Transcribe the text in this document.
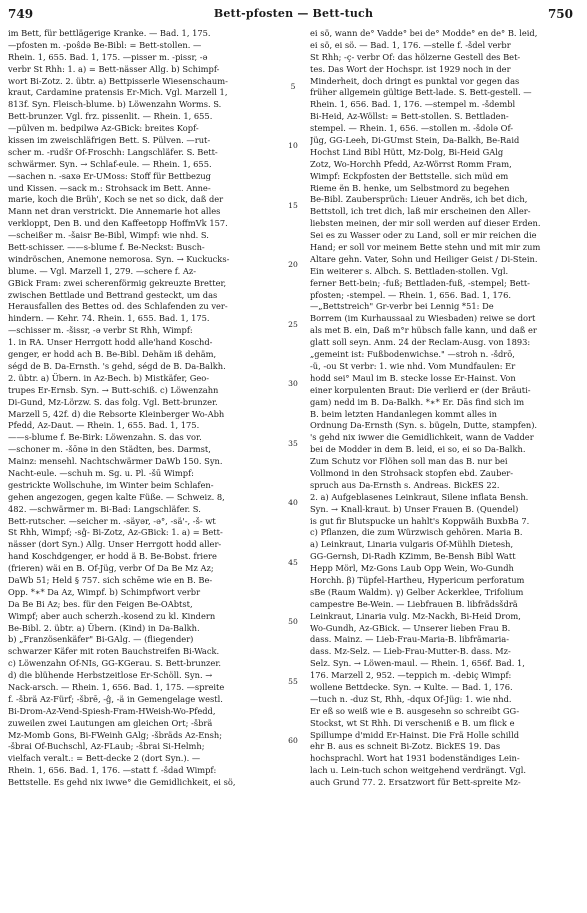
749	Bett-pfosten — Bett-tuch	750
im Bett, für bettlägerige Kranke. — Bad. 1, 175.
—pfosten m. -poŝdə Be-Bibl: = Bett-stollen. —
Rhein. 1, 655. Bad. 1, 175. —pisser m. -pissr, -ə
verbr St Rhh: 1. a) = Bett-nässer Allg. b) Schimpf-
wort Bi-Zotz. 2. übtr. a) Bettpisserle Wiesenschaum-
kraut, Cardamine pratensis Er-Mich. Vgl. Marzell 1,
813f. Syn. Fleisch-blume. b) Löwenzahn Worms. S.
Bett-brunzer. Vgl. frz. pissenlit. — Rhein. 1, 655.
—pülven m. bedpilwə Az-GBick: breites Kopf-
kissen im zweischläfrigen Bett. S. Pülven. —rut-
scher m. -rudšr Of-Froschh: Langschläfer. S. Bett-
schwärmer. Syn. → Schlaf-eule. — Rhein. 1, 655.
—sachen n. -saxə Er-UMoss: Stoff für Bettbezug
und Kissen. —sack m.: Strohsack im Bett. Anne-
marie, koch die Brüh', Koch se net so dick, daß der
Mann net dran verstrickt. Die Annemarie hot alles
verkloppt, Den B. und den Kaffeetopp HoffmVk 157.
—scheißer m. -šaisr Be-Bibl, Wimpf: wie nhd. S.
Bett-schisser. ——s-blume f. Be-Neckst: Busch-
windröschen, Anemone nemorosa. Syn. → Kuckucks-
blume. — Vgl. Marzell 1, 279. —schere f. Az-
GBick Fram: zwei scherenförmig gekreuzte Bretter,
zwischen Bettlade und Bettrand gesteckt, um das
Herausfallen des Bettes od. des Schlafenden zu ver-
hindern. — Kehr. 74. Rhein. 1, 655. Bad. 1, 175.
—schisser m. -šissr, -ə verbr St Rhh, Wimpf:
1. in RA. Unser Herrgott hodd alle'hand Koschd-
genger, er hodd ach B. Be-Bibl. Dehäm iß dehäm,
ségd de B. Da-Ernsth. 's gehd, ségd de B. Da-Balkh.
2. übtr. a) Übern. in Az-Bech. b) Mistkäfer, Geo-
trupes Er-Ernsb. Syn. → Butt-schiß. c) Löwenzahn
Di-Gund, Mz-Lörzw. S. das folg. Vgl. Bett-brunzer.
Marzell 5, 42f. d) die Rebsorte Kleinberger Wo-Abh
Pfedd, Az-Daut. — Rhein. 1, 655. Bad. 1, 175.
——s-blume f. Be-Birk: Löwenzahn. S. das vor.
—schoner m. -šōnə in den Städten, bes. Darmst,
Mainz: mensehl. Nachtschwärmer DaWb 150. Syn.
Nacht-eule. —schuh m. Sg. u. Pl. -šū Wimpf:
gestrickte Wollschuhe, im Winter beim Schlafen-
gehen angezogen, gegen kalte Füße. — Schweiz. 8,
482. —schwärmer m. Bi-Bad: Langschläfer. S.
Bett-rutscher. —seicher m. -säyər, -ə°, -sä'-, -š- wt
St Rhh, Wimpf; -sĝ- Bi-Zotz, Az-GBick: 1. a) = Bett-
nässer (dort Syn.) Allg. Unser Herrgott hodd aller-
hand Koschdgenger, er hodd ä B. Be-Bobst. friere
(frieren) wäi en B. Of-Jüg, verbr Of Da Be Mz Az;
DaWb 51; Held § 757. sich schēme wie en B. Be-
Opp. *∗* Da Az, Wimpf. b) Schimpfwort verbr
Da Be Bi Az; bes. für den Feigen Be-OAbtst,
Wimpf; aber auch scherzh.-kosend zu kl. Kindern
Be-Bibl. 2. übtr. a) Übern. (Kind) in Da-Balkh.
b) „Französenkäfer" Bi-GAlg. — (fliegender)
schwarzer Käfer mit roten Bauchstreifen Bi-Wack.
c) Löwenzahn Of-NIs, GG-KGerau. S. Bett-brunzer.
d) die blühende Herbstzeitlose Er-Schöll. Syn. →
Nack-arsch. — Rhein. 1, 656. Bad. 1, 175. —spreite
f. -šbrä Az-Fürf; -šbrē, -ĝ, -ä in Gemengelage westl.
Bi-Drom-Az-Vend-Spiesh-Fram-HWeish-Wo-Pfedd,
zuweilen zwei Lautungen am gleichen Ort; -šbrä
Mz-Momb Gons, Bi-FWeinh GAlg; -šbräds Az-Ensh;
-šbrai Of-Buchschl, Az-FLaub; -šbrai Si-Helmh;
vielfach veralt.: = Bett-decke 2 (dort Syn.). —
Rhein. 1, 656. Bad. 1, 176. —statt f. -šdad Wimpf:
Bettstelle. Es gehd nix iwwe° die Gemidlichkeit, ei sö,
5
10
15
20
25
30
35
40
45
50
55
60
ei sö, wann de° Vadde° bei de° Modde° en de° B. leid,
ei sö, ei sö. — Bad. 1, 176. —stelle f. -šdel verbr
St Rhh; -ç- verbr Of: das hölzerne Gestell des Bet-
tes. Das Wort der Hochspr. ist 1929 noch in der
Minderheit, doch dringt es punktal vor gegen das
früher allgemein gültige Bett-lade. S. Bett-gestell. —
Rhein. 1, 656. Bad. 1, 176. —stempel m. -šdembl
Bi-Heid, Az-Wöllst: = Bett-stollen. S. Bettladen-
stempel. — Rhein. 1, 656. —stollen m. -šdolə Of-
Jüg, GG-Leeh, Di-GUmst Stein, Da-Balkh, Be-Raid
Hochst Lind Bibl Hütt, Mz-Dolg, Bi-Heid GAlg
Zotz, Wo-Horchh Pfedd, Az-Wörrst Romm Fram,
Wimpf: Eckpfosten der Bettstelle. sich müd em
Rieme ën B. henke, um Selbstmord zu begehen
Be-Bibl. Zaubersprüch: Lieuer Andrës, ich bet dich,
Bettstoll, ich tret dich, laß mir erscheinen den Aller-
liebsten meinen, der mir soll werden auf dieser Erden.
Sei es zu Wasser oder zu Land, soll er mir reichen die
Hand; er soll vor meinem Bette stehn und mit mir zum
Altare gehn. Vater, Sohn und Heiliger Geist / Di-Stein.
Ein weiterer s. Albch. S. Bettladen-stollen. Vgl.
ferner Bett-bein; -fuß; Bettladen-fuß, -stempel; Bett-
pfosten; -stempel. — Rhein. 1, 656. Bad. 1, 176.
—„Bettstreich" Gr-verbr bei Lennig *51: De
Borrem (im Kurhaussaal zu Wiesbaden) reiwe se dort
als met B. ein, Daß m°r hübsch falle kann, und daß er
glatt soll seyn. Anm. 24 der Reclam-Ausg. von 1893:
„gemeint ist: Fußbodenwichse." —stroh n. -šdrō,
-ü, -ou St verbr: 1. wie nhd. Vom Mundfaulen: Er
hodd sei° Maul im B. stecke losse Er-Hainst. Von
einer korpulenten Braut: Die verlierd er (der Bräuti-
gam) nedd im B. Da-Balkh. *∗* Er. Dās find sich im
B. beim letzten Handanlegen kommt alles in
Ordnung Da-Ernsth (Syn. s. bügeln, Dutte, stampfen).
's gehd nix iwwer die Gemidlichkeit, wann de Vadder
bei de Modder in dem B. leid, ei so, ei so Da-Balkh.
Zum Schutz vor Flöhen soll man das B. nur bei
Vollmond in den Strohsack stopfen ebd. Zauber-
spruch aus Da-Ernsth s. Andreas. BickES 22.
2. a) Aufgeblasenes Leinkraut, Silene inflata Bensh.
Syn. → Knall-kraut. b) Unser Frauen B. (Quendel)
is gut fir Blutspucke un hahlt's Koppwäih BuxbBa 7.
c) Pflanzen, die zum Würzwisch gehören. Maria B.
a) Leinkraut, Linaria vulgaris Of-Mühlh Dietesh,
GG-Gernsh, Di-Radh KZimm, Be-Bensh Bibl Watt
Hepp Mörl, Mz-Gons Laub Opp Wein, Wo-Gundh
Horchh. β) Tüpfel-Hartheu, Hypericum perforatum
sBe (Raum Waldm). γ) Gelber Ackerklee, Trifolium
campestre Be-Wein. — Liebfrauen B. libfrädsšdrä
Leinkraut, Linaria vulg. Mz-Nackh, Bi-Heid Drom,
Wo-Gundh, Az-GBick. — Unserer lieben Frau B.
dass. Mainz. — Lieb-Frau-Maria-B. libfrämaria-
dass. Mz-Selz. — Lieb-Frau-Mutter-B. dass. Mz-
Selz. Syn. → Löwen-maul. — Rhein. 1, 656f. Bad. 1,
176. Marzell 2, 952. —teppich m. -debiç Wimpf:
wollene Bettdecke. Syn. → Kulte. — Bad. 1, 176.
—tuch n. -duz St, Rhh, -dqux Of-Jüg: 1. wie nhd.
Er eß so weiß wie e B. ausgesehn so schreibt GG-
Stockst, wt St Rhh. Di verscheniß e B. um flick e
Spillumpe d'midd Er-Hainst. Die Frä Holle schilld
ehr B. aus es schneit Bi-Zotz. BickES 19. Das
hochsprachl. Wort hat 1931 bodenständiges Lein-
lach u. Lein-tuch schon weitgehend verdrängt. Vgl.
auch Grund 77. 2. Ersatzwort für Bett-spreite Mz-
